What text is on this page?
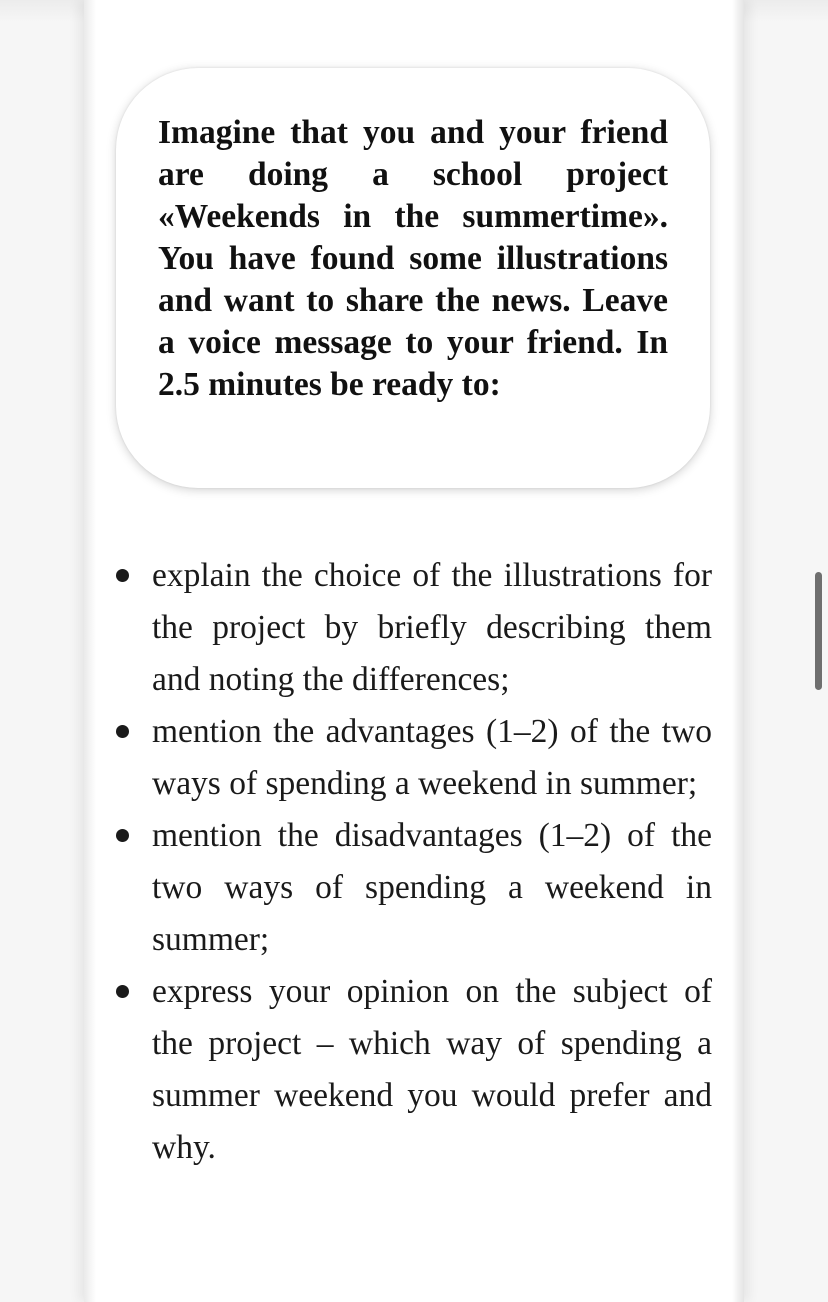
Imagine that you and your friend are doing a school project «Weekends in the summertime». You have found some illustrations and want to share the news. Leave a voice message to your friend. In 2.5 minutes be ready to:

explain the choice of the illustrations for the project by briefly describing them and noting the differences;
mention the advantages (1–2) of the two ways of spending a weekend in summer;
mention the disadvantages (1–2) of the two ways of spending a weekend in summer;
express your opinion on the subject of the project – which way of spending a summer weekend you would prefer and why.
